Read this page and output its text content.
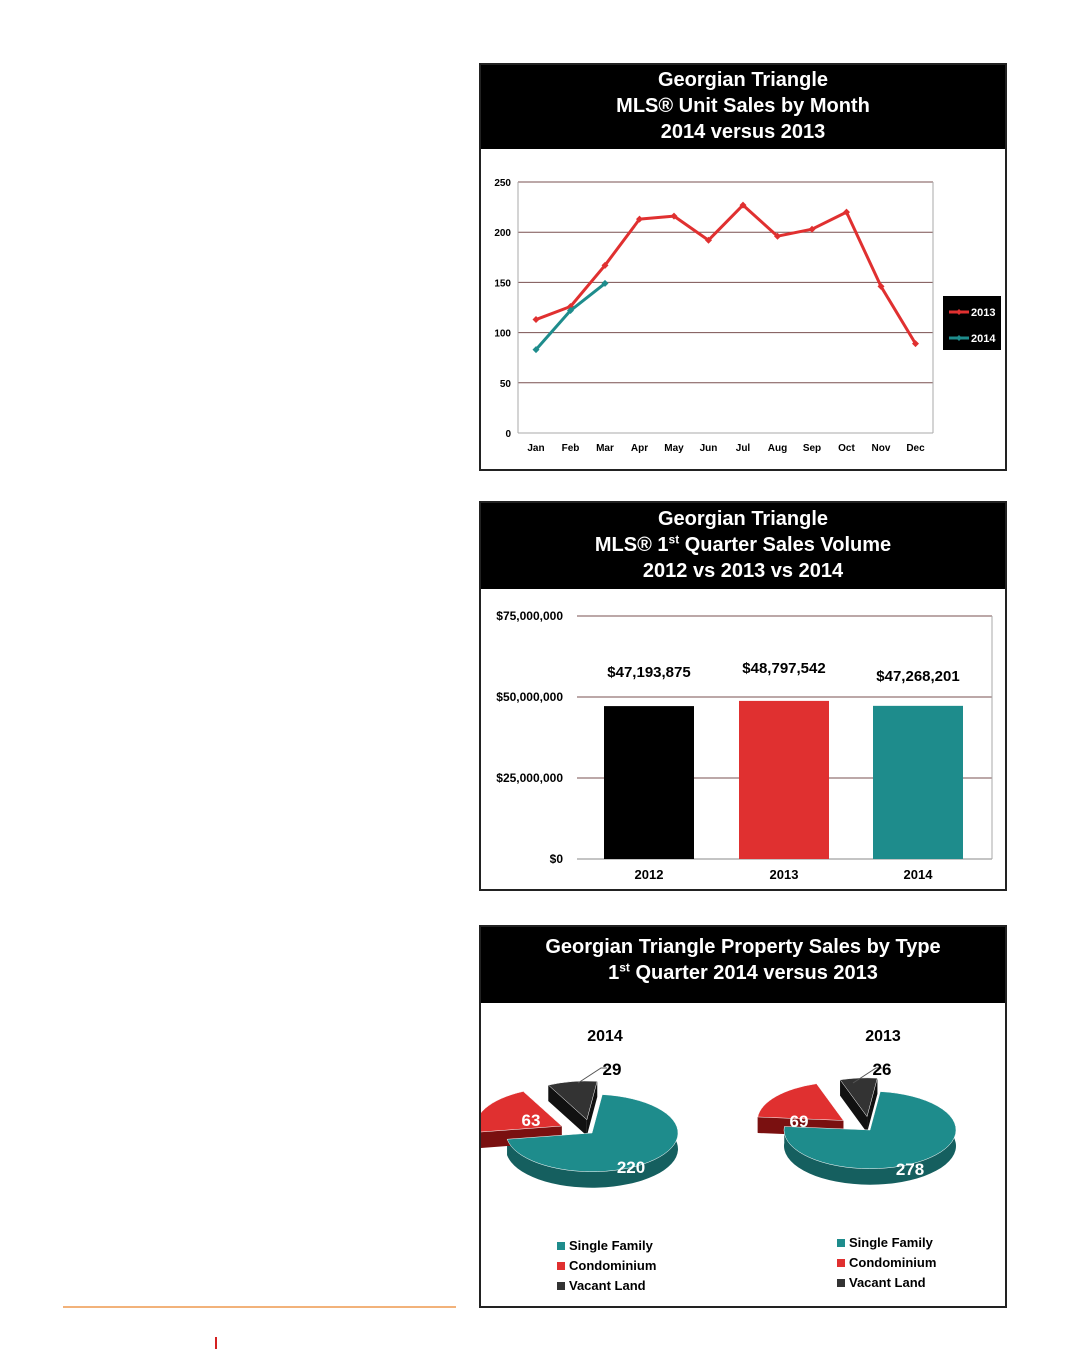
Georgian Triangle
MLS® Unit Sales by Month
2014 versus 2013
0
50
100
150
200
250
Jan Feb Mar Apr May Jun Jul Aug Sep Oct Nov Dec
2013
2014
Georgian Triangle
MLS® 1st Quarter Sales Volume
2012 vs 2013 vs 2014
$0
$25,000,000
$50,000,000
$75,000,000
$47,193,875
2012
$48,797,542
2013
$47,268,201
2014
Georgian Triangle Property Sales by Type
1st Quarter 2014 versus 2013
2014
220
63
29
Single Family
Condominium
Vacant Land
2013
278
69
26
Single Family
Condominium
Vacant Land
